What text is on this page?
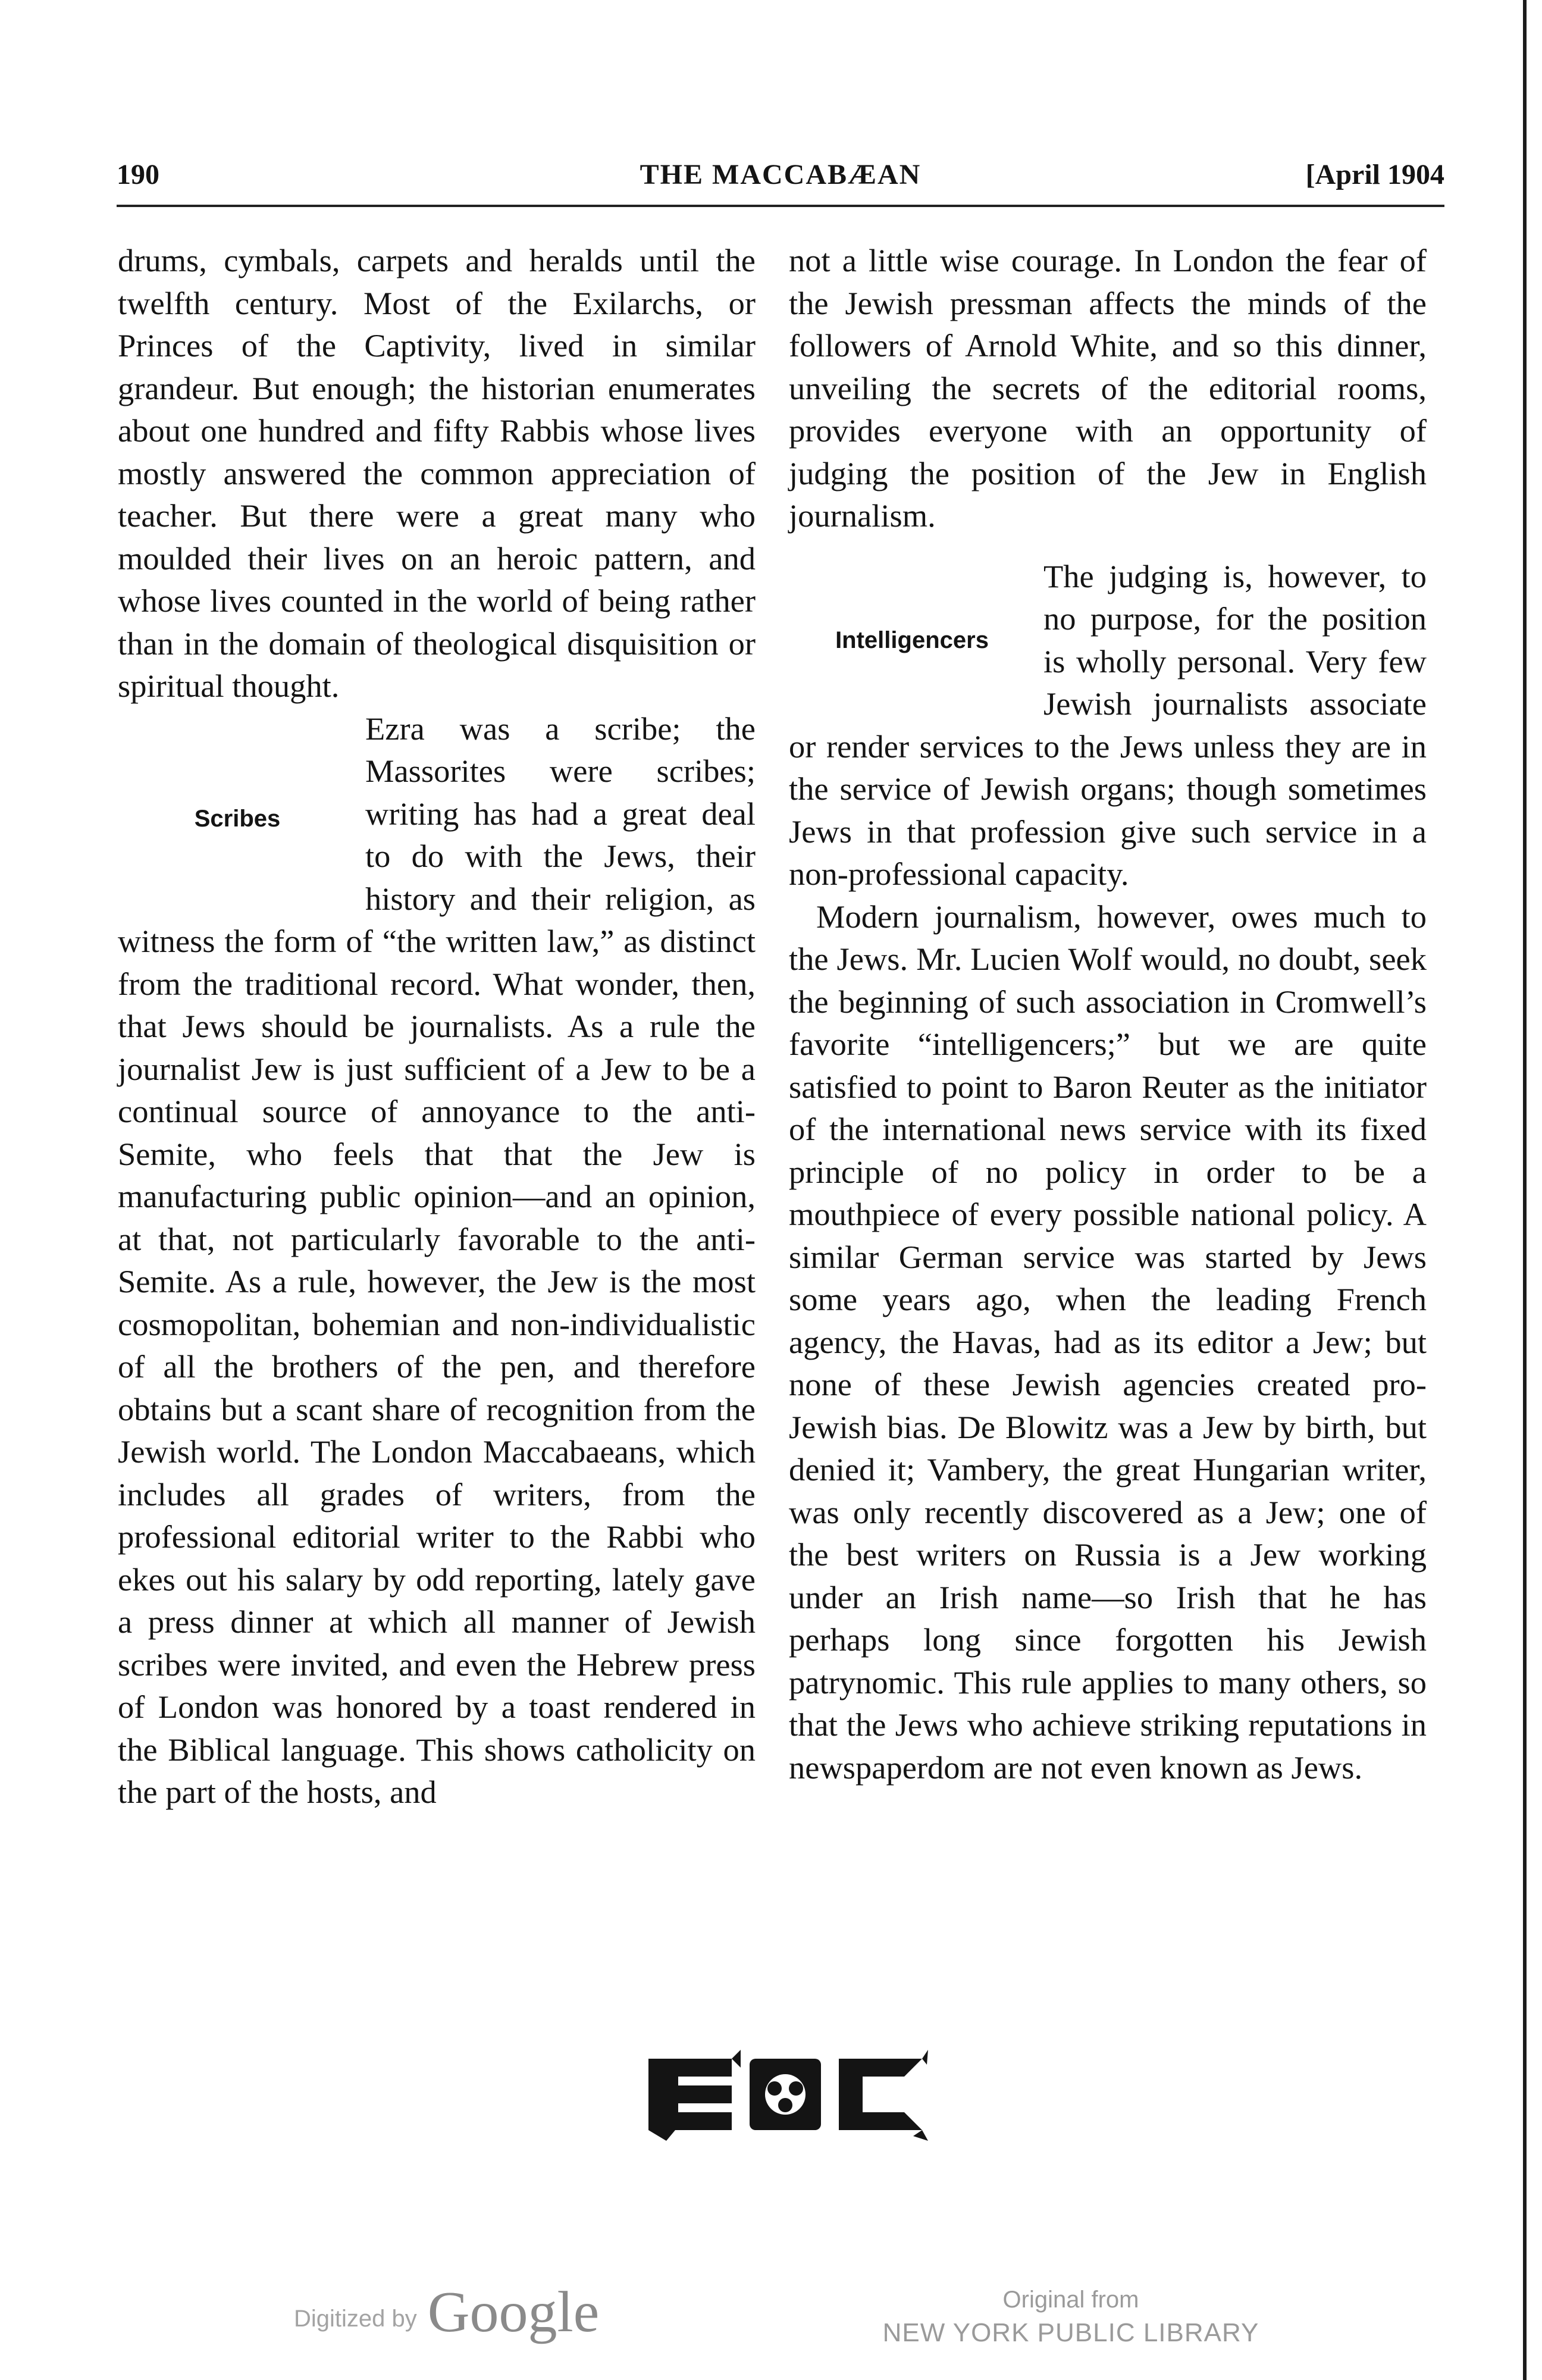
190	THE MACCABÆAN	[April 1904

drums, cymbals, carpets and heralds until the twelfth century. Most of the Exilarchs, or Princes of the Captivity, lived in similar grandeur. But enough; the historian enumerates about one hundred and fifty Rabbis whose lives mostly answered the common appreciation of teacher. But there were a great many who moulded their lives on an heroic pattern, and whose lives counted in the world of being rather than in the domain of theological disquisition or spiritual thought.

Scribes

Ezra was a scribe; the Massorites were scribes; writing has had a great deal to do with the Jews, their history and their religion, as witness the form of “the written law,” as distinct from the traditional record. What wonder, then, that Jews should be journalists. As a rule the journalist Jew is just sufficient of a Jew to be a continual source of annoyance to the anti-Semite, who feels that that the Jew is manufacturing public opinion—and an opinion, at that, not particularly favorable to the anti-Semite. As a rule, however, the Jew is the most cosmopolitan, bohemian and non-individualistic of all the brothers of the pen, and therefore obtains but a scant share of recognition from the Jewish world. The London Maccabaeans, which includes all grades of writers, from the professional editorial writer to the Rabbi who ekes out his salary by odd reporting, lately gave a press dinner at which all manner of Jewish scribes were invited, and even the Hebrew press of London was honored by a toast rendered in the Biblical language. This shows catholicity on the part of the hosts, and

not a little wise courage. In London the fear of the Jewish pressman affects the minds of the followers of Arnold White, and so this dinner, unveiling the secrets of the editorial rooms, provides everyone with an opportunity of judging the position of the Jew in English journalism.

Intelligencers

The judging is, however, to no purpose, for the position is wholly personal. Very few Jewish journalists associate or render services to the Jews unless they are in the service of Jewish organs; though sometimes Jews in that profession give such service in a non-professional capacity.

Modern journalism, however, owes much to the Jews. Mr. Lucien Wolf would, no doubt, seek the beginning of such association in Cromwell’s favorite “intelligencers;” but we are quite satisfied to point to Baron Reuter as the initiator of the international news service with its fixed principle of no policy in order to be a mouthpiece of every possible national policy. A similar German service was started by Jews some years ago, when the leading French agency, the Havas, had as its editor a Jew; but none of these Jewish agencies created pro-Jewish bias. De Blowitz was a Jew by birth, but denied it; Vambery, the great Hungarian writer, was only recently discovered as a Jew; one of the best writers on Russia is a Jew working under an Irish name—so Irish that he has perhaps long since forgotten his Jewish patrynomic. This rule applies to many others, so that the Jews who achieve striking reputations in newspaperdom are not even known as Jews.

Digitized by Google	Original from
NEW YORK PUBLIC LIBRARY
